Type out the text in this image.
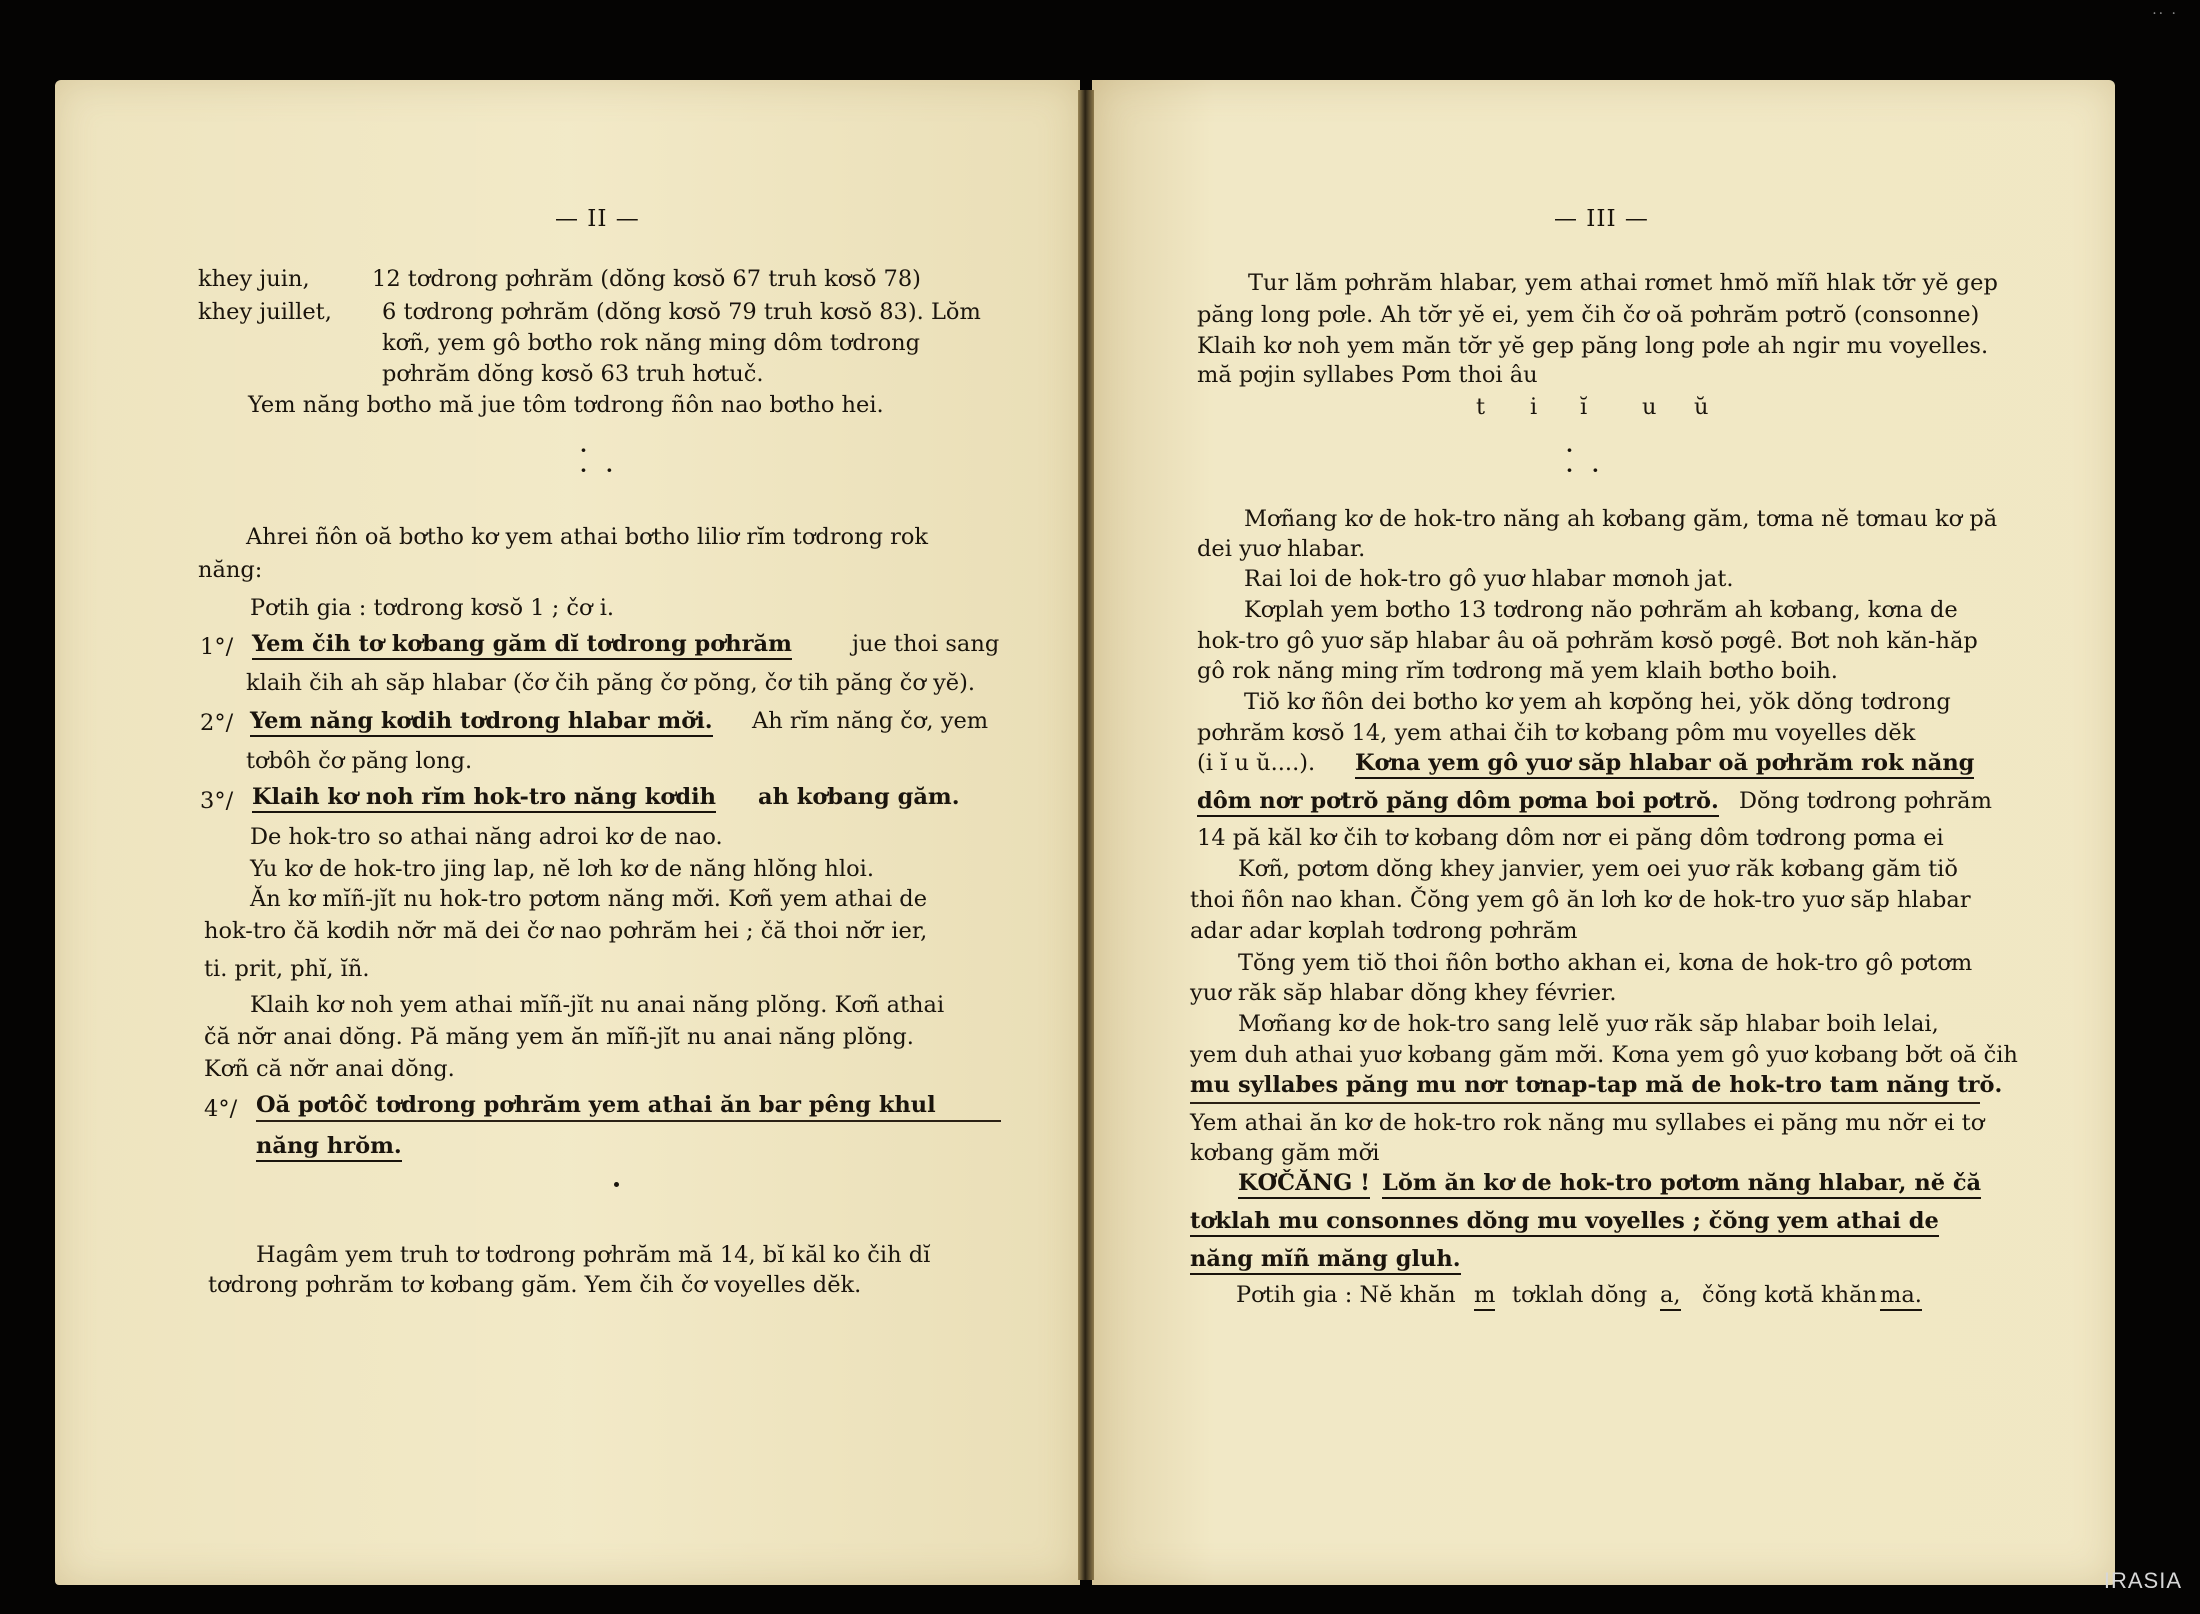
·· ·
— II —
khey juin,	12 tơdrong pơhrăm (dŏng kơsŏ 67 truh kơsŏ 78)
khey juillet, 6 tơdrong pơhrăm (dŏng kơsŏ 79 truh kơsŏ 83). Lŏm
kơñ, yem gô bơtho rok năng ming dôm tơdrong
pơhrăm dŏng kơsŏ 63 truh hơtuč.
Yem năng bơtho mă jue tôm tơdrong ñôn nao bơtho hei.
·
· ·
Ahrei ñôn oă bơtho kơ yem athai bơtho liliơ rĭm tơdrong rok
năng:
Pơtih gia : tơdrong kơsŏ 1 ; čơ i.
1°/ Yem čih tơ kơbang găm dĭ tơdrong pơhrăm	jue thoi sang
klaih čih ah săp hlabar (čơ čih păng čơ pŏng, čơ tih păng čơ yĕ).
2°/ Yem năng kơdih tơdrong hlabar mơ̆i. Ah rĭm năng čơ, yem
tơbôh čơ păng long.
3°/ Klaih kơ noh rĭm hok-tro năng kơdih ah kơbang găm.
De hok-tro so athai năng adroi kơ de nao.
Yu kơ de hok-tro jing lap, nĕ lơh kơ de năng hlŏng hloi.
Ăn kơ mĭñ-jĭt nu hok-tro pơtơm năng mơ̆i. Kơñ yem athai de
hok-tro čă kơdih nơ̆r mă dei čơ nao pơhrăm hei ; čă thoi nơ̆r ier,
ti. prit, phĭ, ĭñ.
Klaih kơ noh yem athai mĭñ-jĭt nu anai năng plŏng. Kơñ athai
čă nơ̆r anai dŏng. Pă măng yem ăn mĭñ-jĭt nu anai năng plŏng.
Kơñ că nơ̆r anai dŏng.
4°/ Oă pơtôč tơdrong pơhrăm yem athai ăn bar pêng khul
năng hrŏm.
Hagâm yem truh tơ tơdrong pơhrăm mă 14, bĭ kăl ko čih dĭ
tơdrong pơhrăm tơ kơbang găm. Yem čih čơ voyelles dĕk.
— III —
Tur lăm pơhrăm hlabar, yem athai rơmet hmŏ mĭñ hlak tơ̆r yĕ gep
păng long pơle. Ah tơ̆r yĕ ei, yem čih čơ oă pơhrăm pơtrŏ (consonne)
Klaih kơ noh yem măn tơ̆r yĕ gep păng long pơle ah ngir mu voyelles.
mă pơjin syllabes Pơm thoi âu
t i ĭ u ŭ
·
· ·
Mơñang kơ de hok-tro năng ah kơbang găm, tơma nĕ tơmau kơ pă
dei yuơ hlabar.
Rai loi de hok-tro gô yuơ hlabar mơnoh jat.
Kơplah yem bơtho 13 tơdrong năo pơhrăm ah kơbang, kơna de
hok-tro gô yuơ săp hlabar âu oă pơhrăm kơsŏ pơgê. Bơt noh kăn-hăp
gô rok năng ming rĭm tơdrong mă yem klaih bơtho boih.
Tiŏ kơ ñôn dei bơtho kơ yem ah kơpŏng hei, yŏk dŏng tơdrong
pơhrăm kơsŏ 14, yem athai čih tơ kơbang pôm mu voyelles dĕk
(i ĭ u ŭ....). Kơna yem gô yuơ săp hlabar oă pơhrăm rok năng
dôm nơr pơtrŏ păng dôm pơma boi pơtrŏ. Dŏng tơdrong pơhrăm
14 pă kăl kơ čih tơ kơbang dôm nơr ei păng dôm tơdrong pơma ei
Kơñ, pơtơm dŏng khey janvier, yem oei yuơ răk kơbang găm tiŏ
thoi ñôn nao khan. Čŏng yem gô ăn lơh kơ de hok-tro yuơ săp hlabar
adar adar kơplah tơdrong pơhrăm
Tŏng yem tiŏ thoi ñôn bơtho akhan ei, kơna de hok-tro gô pơtơm
yuơ răk săp hlabar dŏng khey février.
Mơñang kơ de hok-tro sang lelĕ yuơ răk săp hlabar boih lelai,
yem duh athai yuơ kơbang găm mơ̆i. Kơna yem gô yuơ kơbang bơ̆t oă čih
mu syllabes păng mu nơr tơnap-tap mă de hok-tro tam năng trŏ.
Yem athai ăn kơ de hok-tro rok năng mu syllabes ei păng mu nơ̆r ei tơ
kơbang găm mơ̆i
KƠČĂNG ! Lŏm ăn kơ de hok-tro pơtơm năng hlabar, nĕ čă
tơklah mu consonnes dŏng mu voyelles ; čŏng yem athai de
năng mĭñ măng gluh.
Pơtih gia : Nĕ khăn m tơklah dŏng a, čŏng kơtă khăn ma.
IRASIA
